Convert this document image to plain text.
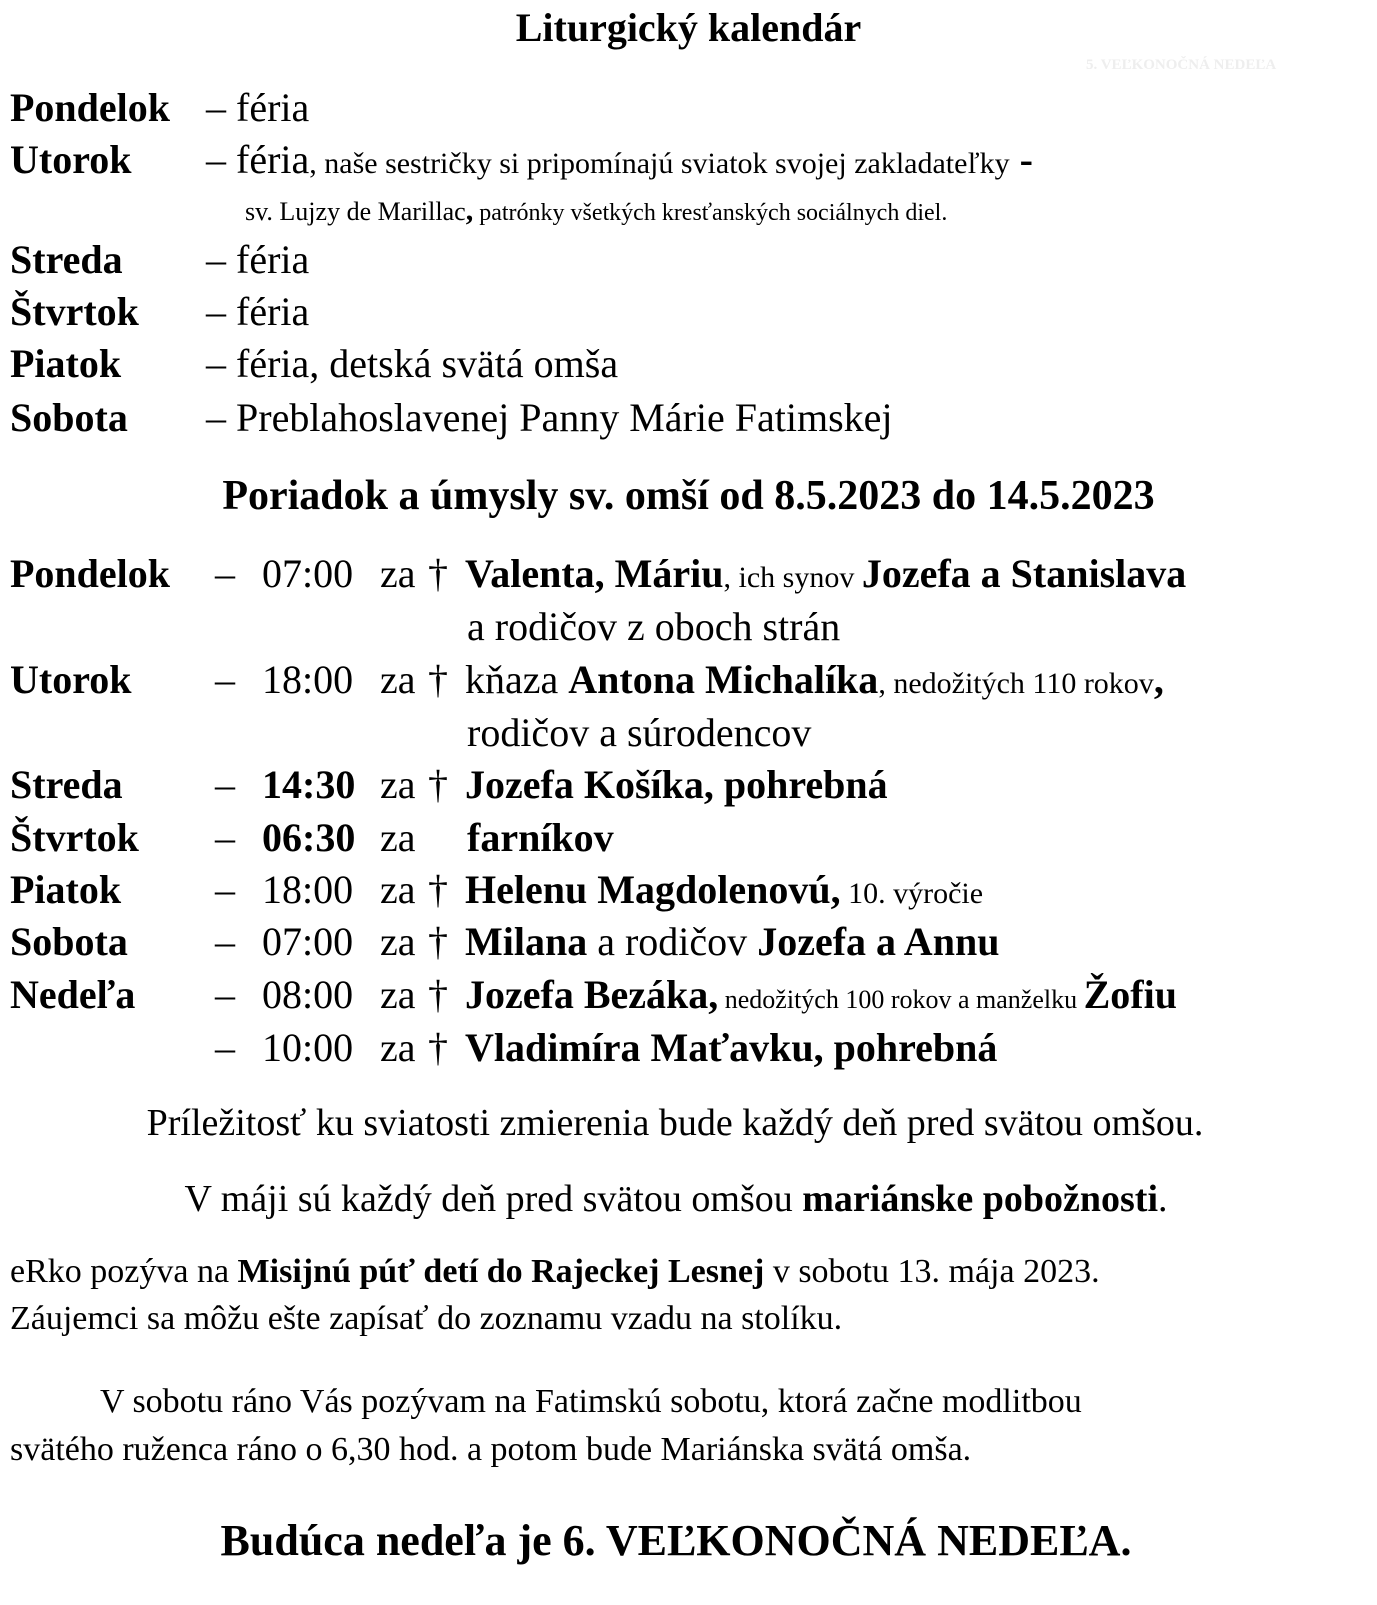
5. VEĽKONOČNÁ NEDEĽA
Liturgický kalendár
Pondelok – féria
Utorok – féria, naše sestričky si pripomínajú sviatok svojej zakladateľky -
sv. Lujzy de Marillac, patrónky všetkých kresťanských sociálnych diel.
Streda – féria
Štvrtok – féria
Piatok – féria, detská svätá omša
Sobota – Preblahoslavenej Panny Márie Fatimskej
Poriadok a úmysly sv. omší od 8.5.2023 do 14.5.2023
Pondelok – 07:00 za † Valenta, Máriu, ich synov Jozefa a Stanislava
a rodičov z oboch strán
Utorok – 18:00 za † kňaza Antona Michalíka, nedožitých 110 rokov,
rodičov a súrodencov
Streda – 14:30 za † Jozefa Košíka, pohrebná
Štvrtok – 06:30 za farníkov
Piatok – 18:00 za † Helenu Magdolenovú, 10. výročie
Sobota – 07:00 za † Milana a rodičov Jozefa a Annu
Nedeľa – 08:00 za † Jozefa Bezáka, nedožitých 100 rokov a manželku Žofiu
– 10:00 za † Vladimíra Maťavku, pohrebná
Príležitosť ku sviatosti zmierenia bude každý deň pred svätou omšou.
V máji sú každý deň pred svätou omšou mariánske pobožnosti.
eRko pozýva na Misijnú púť detí do Rajeckej Lesnej v sobotu 13. mája 2023.
Záujemci sa môžu ešte zapísať do zoznamu vzadu na stolíku.
V sobotu ráno Vás pozývam na Fatimskú sobotu, ktorá začne modlitbou
svätého ruženca ráno o 6,30 hod. a potom bude Mariánska svätá omša.
Budúca nedeľa je 6. VEĽKONOČNÁ NEDEĽA.
